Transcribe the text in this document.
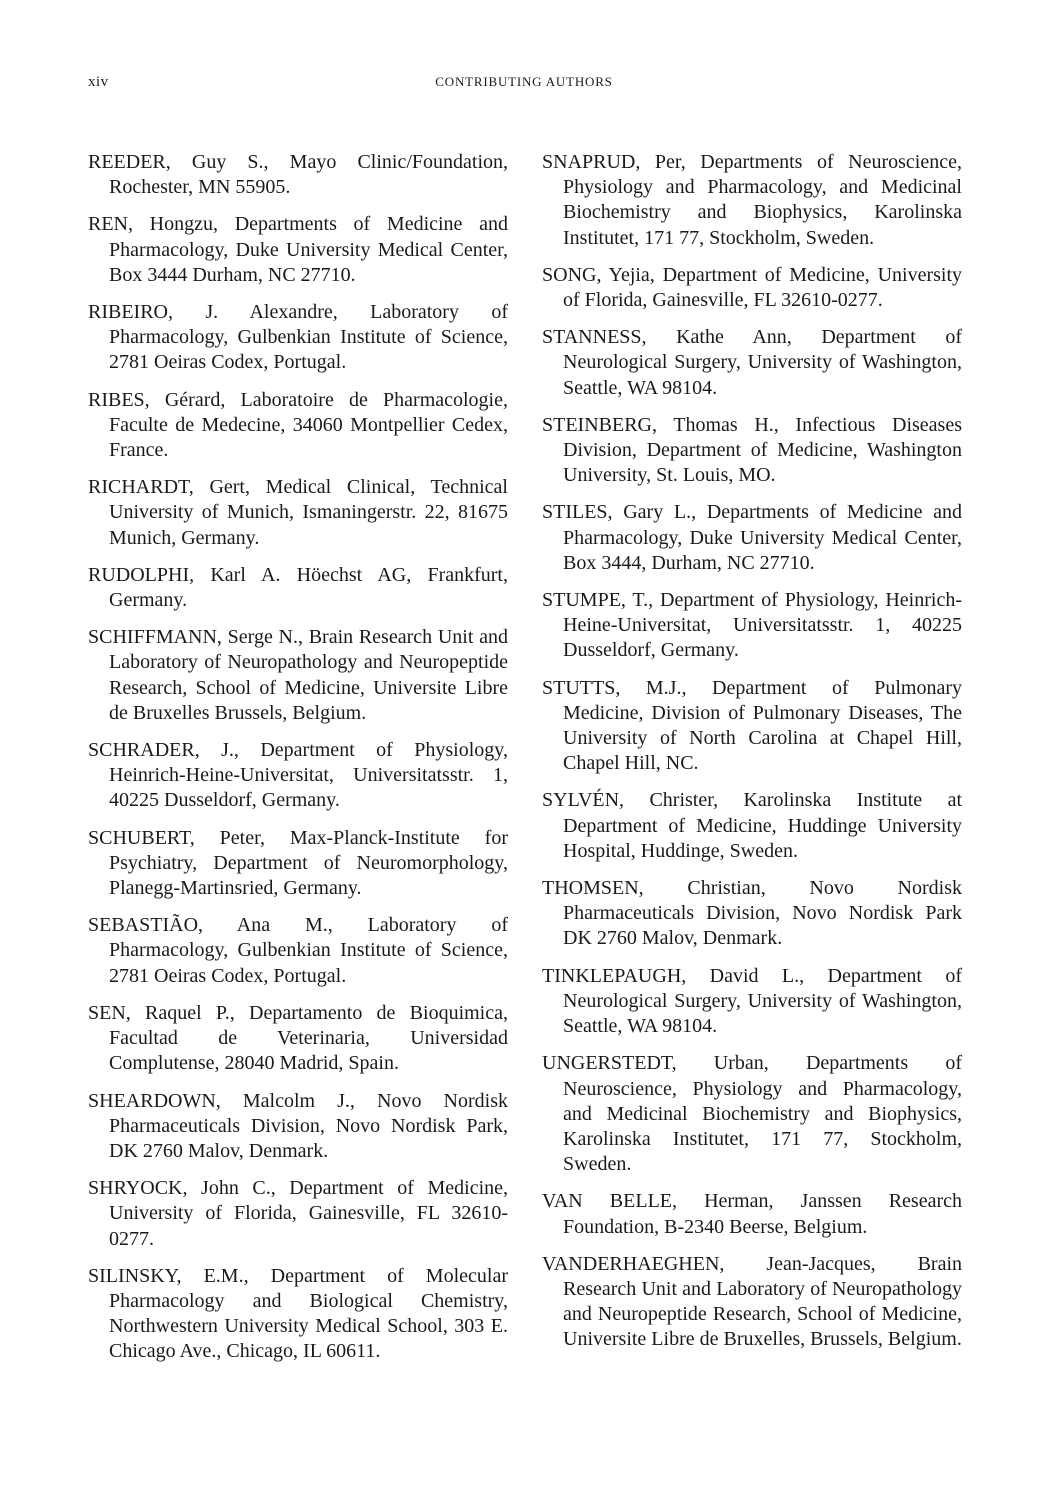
xiv	CONTRIBUTING AUTHORS

REEDER, Guy S., Mayo Clinic/Foundation, Rochester, MN 55905.

REN, Hongzu, Departments of Medicine and Pharmacology, Duke University Medical Center, Box 3444 Durham, NC 27710.

RIBEIRO, J. Alexandre, Laboratory of Pharmacology, Gulbenkian Institute of Science, 2781 Oeiras Codex, Portugal.

RIBES, Gérard, Laboratoire de Pharmacologie, Faculte de Medecine, 34060 Montpellier Cedex, France.

RICHARDT, Gert, Medical Clinical, Technical University of Munich, Ismaningerstr. 22, 81675 Munich, Germany.

RUDOLPHI, Karl A. Höechst AG, Frankfurt, Germany.

SCHIFFMANN, Serge N., Brain Research Unit and Laboratory of Neuropathology and Neuropeptide Research, School of Medicine, Universite Libre de Bruxelles Brussels, Belgium.

SCHRADER, J., Department of Physiology, Heinrich-Heine-Universitat, Universitatsstr. 1, 40225 Dusseldorf, Germany.

SCHUBERT, Peter, Max-Planck-Institute for Psychiatry, Department of Neuromorphology, Planegg-Martinsried, Germany.

SEBASTIÃO, Ana M., Laboratory of Pharmacology, Gulbenkian Institute of Science, 2781 Oeiras Codex, Portugal.

SEN, Raquel P., Departamento de Bioquimica, Facultad de Veterinaria, Universidad Complutense, 28040 Madrid, Spain.

SHEARDOWN, Malcolm J., Novo Nordisk Pharmaceuticals Division, Novo Nordisk Park, DK 2760 Malov, Denmark.

SHRYOCK, John C., Department of Medicine, University of Florida, Gainesville, FL 32610-0277.

SILINSKY, E.M., Department of Molecular Pharmacology and Biological Chemistry, Northwestern University Medical School, 303 E. Chicago Ave., Chicago, IL 60611.

SNAPRUD, Per, Departments of Neuroscience, Physiology and Pharmacology, and Medicinal Biochemistry and Biophysics, Karolinska Institutet, 171 77, Stockholm, Sweden.

SONG, Yejia, Department of Medicine, University of Florida, Gainesville, FL 32610-0277.

STANNESS, Kathe Ann, Department of Neurological Surgery, University of Washington, Seattle, WA 98104.

STEINBERG, Thomas H., Infectious Diseases Division, Department of Medicine, Washington University, St. Louis, MO.

STILES, Gary L., Departments of Medicine and Pharmacology, Duke University Medical Center, Box 3444, Durham, NC 27710.

STUMPE, T., Department of Physiology, Heinrich-Heine-Universitat, Universitatsstr. 1, 40225 Dusseldorf, Germany.

STUTTS, M.J., Department of Pulmonary Medicine, Division of Pulmonary Diseases, The University of North Carolina at Chapel Hill, Chapel Hill, NC.

SYLVÉN, Christer, Karolinska Institute at Department of Medicine, Huddinge University Hospital, Huddinge, Sweden.

THOMSEN, Christian, Novo Nordisk Pharmaceuticals Division, Novo Nordisk Park DK 2760 Malov, Denmark.

TINKLEPAUGH, David L., Department of Neurological Surgery, University of Washington, Seattle, WA 98104.

UNGERSTEDT, Urban, Departments of Neuroscience, Physiology and Pharmacology, and Medicinal Biochemistry and Biophysics, Karolinska Institutet, 171 77, Stockholm, Sweden.

VAN BELLE, Herman, Janssen Research Foundation, B-2340 Beerse, Belgium.

VANDERHAEGHEN, Jean-Jacques, Brain Research Unit and Laboratory of Neuropathology and Neuropeptide Research, School of Medicine, Universite Libre de Bruxelles, Brussels, Belgium.
